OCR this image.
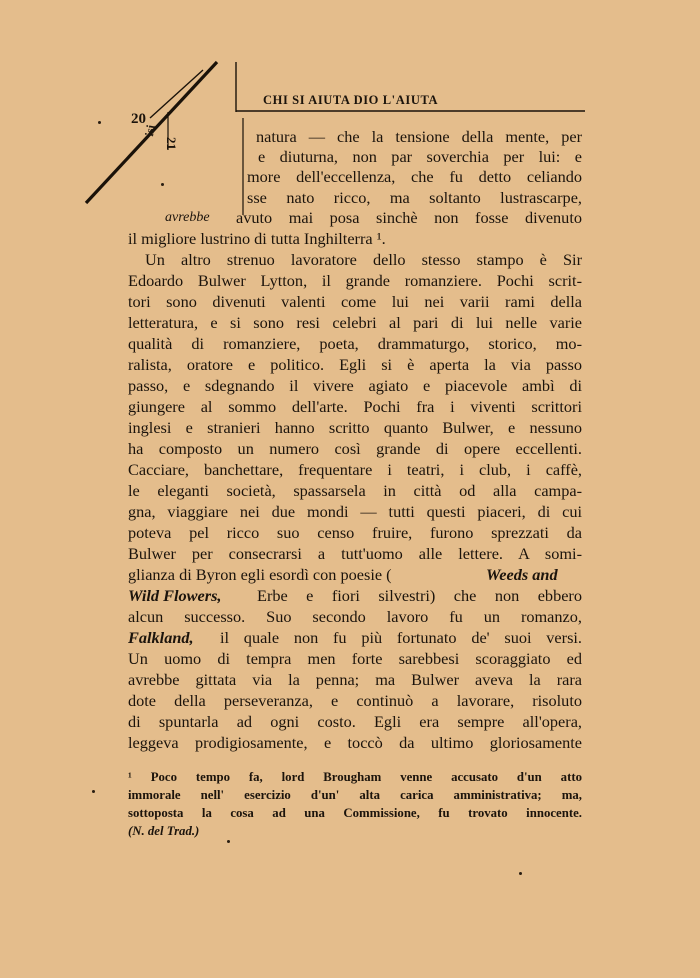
20
21
isi
CHI SI AIUTA DIO L'AIUTA
natura — che la tensione della mente, per
e diuturna, non par soverchia per lui: e
more dell'eccellenza, che fu detto celiando
sse nato ricco, ma soltanto lustrascarpe,
avrebbe avuto mai posa sinchè non fosse divenuto
il migliore lustrino di tutta Inghilterra ¹.
Un altro strenuo lavoratore dello stesso stampo è Sir
Edoardo Bulwer Lytton, il grande romanziere. Pochi scrit-
tori sono divenuti valenti come lui nei varii rami della
letteratura, e si sono resi celebri al pari di lui nelle varie
qualità di romanziere, poeta, drammaturgo, storico, mo-
ralista, oratore e politico. Egli si è aperta la via passo
passo, e sdegnando il vivere agiato e piacevole ambì di
giungere al sommo dell'arte. Pochi fra i viventi scrittori
inglesi e stranieri hanno scritto quanto Bulwer, e nessuno
ha composto un numero così grande di opere eccellenti.
Cacciare, banchettare, frequentare i teatri, i club, i caffè,
le eleganti società, spassarsela in città od alla campa-
gna, viaggiare nei due mondi — tutti questi piaceri, di cui
poteva pel ricco suo censo fruire, furono sprezzati da
Bulwer per consecrarsi a tutt'uomo alle lettere. A somi-
glianza di Byron egli esordì con poesie (	Weeds and
Wild Flowers, Erbe e fiori silvestri) che non ebbero
alcun successo. Suo secondo lavoro fu un romanzo,
Falkland, il quale non fu più fortunato de' suoi versi.
Un uomo di tempra men forte sarebbesi scoraggiato ed
avrebbe gittata via la penna; ma Bulwer aveva la rara
dote della perseveranza, e continuò a lavorare, risoluto
di spuntarla ad ogni costo. Egli era sempre all'opera,
leggeva prodigiosamente, e toccò da ultimo gloriosamente
¹ Poco tempo fa, lord Brougham venne accusato d'un atto
immorale nell' esercizio d'un' alta carica amministrativa; ma,
sottoposta la cosa ad una Commissione, fu trovato innocente.
(N. del Trad.)
